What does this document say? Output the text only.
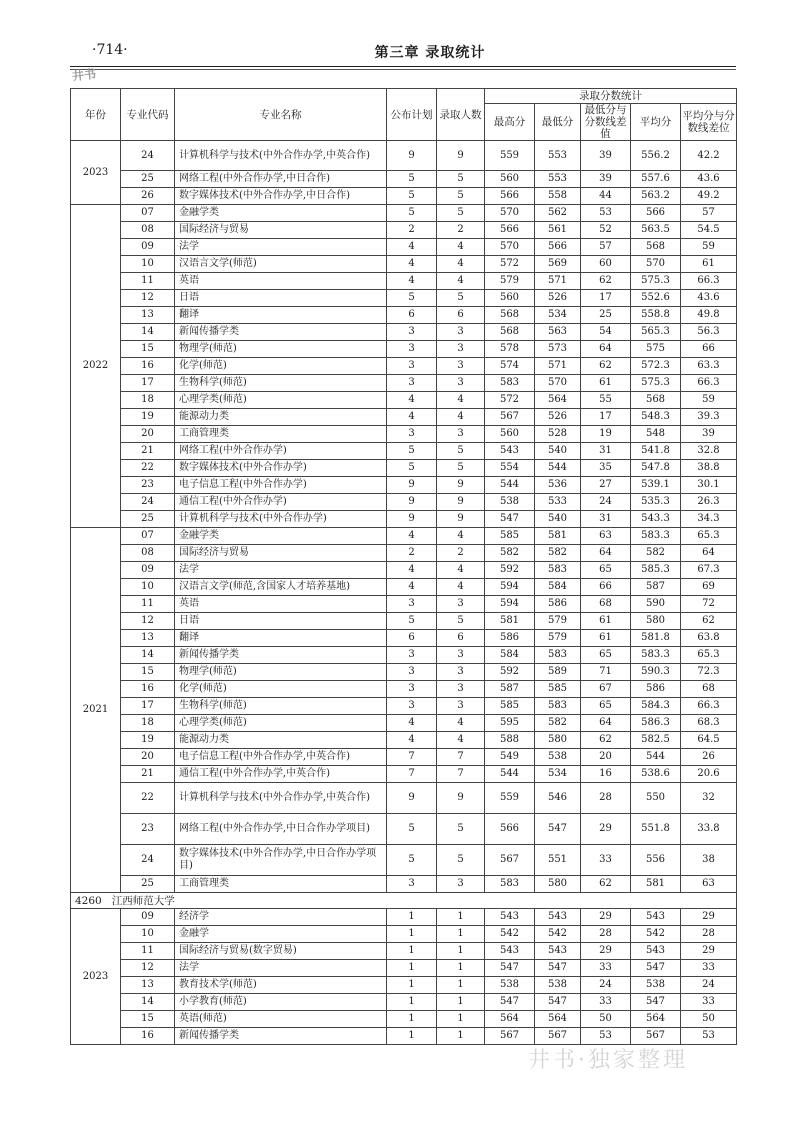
·714·	第三章 录取统计
井书
年份	专业代码	专业名称	公布计划	录取人数	录取分数统计				
					最高分	最低分	最低分与分数线差值	平均分	平均分与分数线差位
2023	24	计算机科学与技术(中外合作办学,中英合作)	9	9	559	553	39	556.2	42.2
	25	网络工程(中外合作办学,中日合作)	5	5	560	553	39	557.6	43.6
	26	数字媒体技术(中外合作办学,中日合作)	5	5	566	558	44	563.2	49.2
2022	07	金融学类	5	5	570	562	53	566	57
	08	国际经济与贸易	2	2	566	561	52	563.5	54.5
	09	法学	4	4	570	566	57	568	59
	10	汉语言文学(师范)	4	4	572	569	60	570	61
	11	英语	4	4	579	571	62	575.3	66.3
	12	日语	5	5	560	526	17	552.6	43.6
	13	翻译	6	6	568	534	25	558.8	49.8
	14	新闻传播学类	3	3	568	563	54	565.3	56.3
	15	物理学(师范)	3	3	578	573	64	575	66
	16	化学(师范)	3	3	574	571	62	572.3	63.3
	17	生物科学(师范)	3	3	583	570	61	575.3	66.3
	18	心理学类(师范)	4	4	572	564	55	568	59
	19	能源动力类	4	4	567	526	17	548.3	39.3
	20	工商管理类	3	3	560	528	19	548	39
	21	网络工程(中外合作办学)	5	5	543	540	31	541.8	32.8
	22	数字媒体技术(中外合作办学)	5	5	554	544	35	547.8	38.8
	23	电子信息工程(中外合作办学)	9	9	544	536	27	539.1	30.1
	24	通信工程(中外合作办学)	9	9	538	533	24	535.3	26.3
	25	计算机科学与技术(中外合作办学)	9	9	547	540	31	543.3	34.3
2021	07	金融学类	4	4	585	581	63	583.3	65.3
	08	国际经济与贸易	2	2	582	582	64	582	64
	09	法学	4	4	592	583	65	585.3	67.3
	10	汉语言文学(师范,含国家人才培养基地)	4	4	594	584	66	587	69
	11	英语	3	3	594	586	68	590	72
	12	日语	5	5	581	579	61	580	62
	13	翻译	6	6	586	579	61	581.8	63.8
	14	新闻传播学类	3	3	584	583	65	583.3	65.3
	15	物理学(师范)	3	3	592	589	71	590.3	72.3
	16	化学(师范)	3	3	587	585	67	586	68
	17	生物科学(师范)	3	3	585	583	65	584.3	66.3
	18	心理学类(师范)	4	4	595	582	64	586.3	68.3
	19	能源动力类	4	4	588	580	62	582.5	64.5
	20	电子信息工程(中外合作办学,中英合作)	7	7	549	538	20	544	26
	21	通信工程(中外合作办学,中英合作)	7	7	544	534	16	538.6	20.6
	22	计算机科学与技术(中外合作办学,中英合作)	9	9	559	546	28	550	32
	23	网络工程(中外合作办学,中日合作办学项目)	5	5	566	547	29	551.8	33.8
	24	数字媒体技术(中外合作办学,中日合作办学项目)	5	5	567	551	33	556	38
	25	工商管理类	3	3	583	580	62	581	63
4260 江西师范大学									
2023	09	经济学	1	1	543	543	29	543	29
	10	金融学	1	1	542	542	28	542	28
	11	国际经济与贸易(数字贸易)	1	1	543	543	29	543	29
	12	法学	1	1	547	547	33	547	33
	13	教育技术学(师范)	1	1	538	538	24	538	24
	14	小学教育(师范)	1	1	547	547	33	547	33
	15	英语(师范)	1	1	564	564	50	564	50
	16	新闻传播学类	1	1	567	567	53	567	53
井书·独家整理
